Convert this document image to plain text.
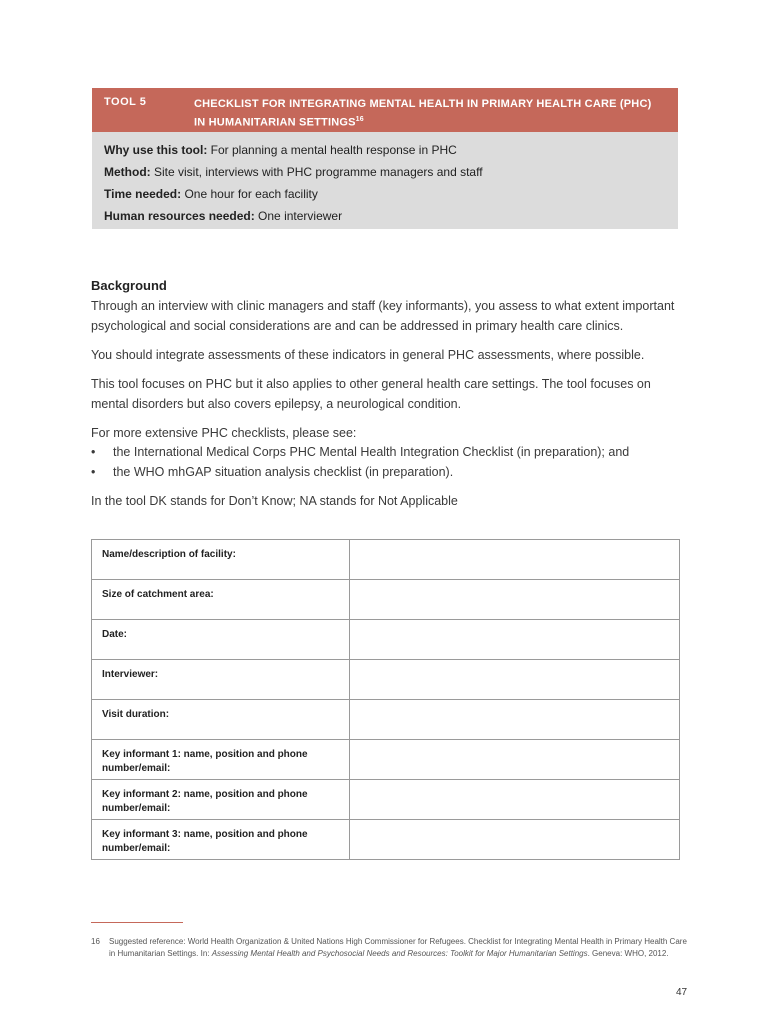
TOOL 5	CHECKLIST FOR INTEGRATING MENTAL HEALTH IN PRIMARY HEALTH CARE (PHC) IN HUMANITARIAN SETTINGS$^{16}$
Why use this tool: For planning a mental health response in PHC
Method: Site visit, interviews with PHC programme managers and staff
Time needed: One hour for each facility
Human resources needed: One interviewer
Background
Through an interview with clinic managers and staff (key informants), you assess to what extent important psychological and social considerations are and can be addressed in primary health care clinics.
You should integrate assessments of these indicators in general PHC assessments, where possible.
This tool focuses on PHC but it also applies to other general health care settings. The tool focuses on mental disorders but also covers epilepsy, a neurological condition.
For more extensive PHC checklists, please see:
• the International Medical Corps PHC Mental Health Integration Checklist (in preparation); and
• the WHO mhGAP situation analysis checklist (in preparation).
In the tool DK stands for Don’t Know; NA stands for Not Applicable
Name/description of facility:	
Size of catchment area:	
Date:	
Interviewer:	
Visit duration:	
Key informant 1: name, position and phone number/email:	
Key informant 2: name, position and phone number/email:	
Key informant 3: name, position and phone number/email:	
16 Suggested reference: World Health Organization & United Nations High Commissioner for Refugees. Checklist for Integrating Mental Health in Primary Health Care in Humanitarian Settings. In: Assessing Mental Health and Psychosocial Needs and Resources: Toolkit for Major Humanitarian Settings. Geneva: WHO, 2012.
47
